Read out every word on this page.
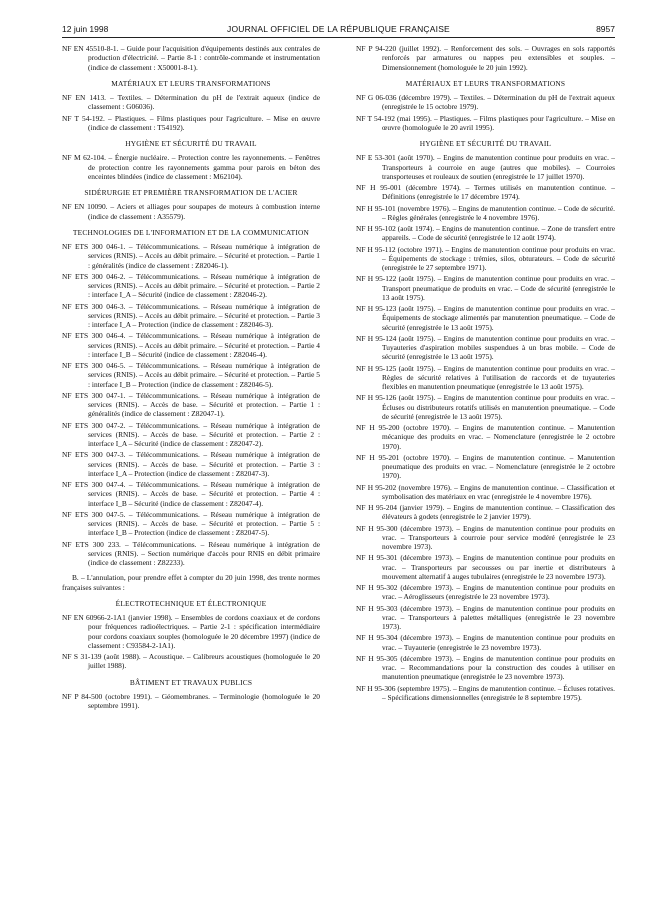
12 juin 1998	JOURNAL OFFICIEL DE LA RÉPUBLIQUE FRANÇAISE	8957
NF EN 45510-8-1. – Guide pour l'acquisition d'équipements destinés aux centrales de production d'électricité. – Partie 8-1 : contrôle-commande et instrumentation (indice de classement : X50001-8-1).
MATÉRIAUX ET LEURS TRANSFORMATIONS
NF EN 1413. – Textiles. – Détermination du pH de l'extrait aqueux (indice de classement : G06036).
NF T 54-192. – Plastiques. – Films plastiques pour l'agriculture. – Mise en œuvre (indice de classement : T54192).
HYGIÈNE ET SÉCURITÉ DU TRAVAIL
NF M 62-104. – Énergie nucléaire. – Protection contre les rayonnements. – Fenêtres de protection contre les rayonnements gamma pour parois en béton des enceintes blindées (indice de classement : M62104).
SIDÉRURGIE ET PREMIÈRE TRANSFORMATION DE L'ACIER
NF EN 10090. – Aciers et alliages pour soupapes de moteurs à combustion interne (indice de classement : A35579).
TECHNOLOGIES DE L'INFORMATION ET DE LA COMMUNICATION
NF ETS 300 046-1. – Télécommunications. – Réseau numérique à intégration de services (RNIS). – Accès au débit primaire. – Sécurité et protection. – Partie 1 : généralités (indice de classement : Z82046-1).
NF ETS 300 046-2. – Télécommunications. – Réseau numérique à intégration de services (RNIS). – Accès au débit primaire. – Sécurité et protection. – Partie 2 : interface I_A – Sécurité (indice de classement : Z82046-2).
NF ETS 300 046-3. – Télécommunications. – Réseau numérique à intégration de services (RNIS). – Accès au débit primaire. – Sécurité et protection. – Partie 3 : interface I_A – Protection (indice de classement : Z82046-3).
NF ETS 300 046-4. – Télécommunications. – Réseau numérique à intégration de services (RNIS). – Accès au débit primaire. – Sécurité et protection. – Partie 4 : interface I_B – Sécurité (indice de classement : Z82046-4).
NF ETS 300 046-5. – Télécommunications. – Réseau numérique à intégration de services (RNIS). – Accès au débit primaire. – Sécurité et protection. – Partie 5 : interface I_B – Protection (indice de classement : Z82046-5).
NF ETS 300 047-1. – Télécommunications. – Réseau numérique à intégration de services (RNIS). – Accès de base. – Sécurité et protection. – Partie 1 : généralités (indice de classement : Z82047-1).
NF ETS 300 047-2. – Télécommunications. – Réseau numérique à intégration de services (RNIS). – Accès de base. – Sécurité et protection. – Partie 2 : interface I_A – Sécurité (indice de classement : Z82047-2).
NF ETS 300 047-3. – Télécommunications. – Réseau numérique à intégration de services (RNIS). – Accès de base. – Sécurité et protection. – Partie 3 : interface I_A – Protection (indice de classement : Z82047-3).
NF ETS 300 047-4. – Télécommunications. – Réseau numérique à intégration de services (RNIS). – Accès de base. – Sécurité et protection. – Partie 4 : interface I_B – Sécurité (indice de classement : Z82047-4).
NF ETS 300 047-5. – Télécommunications. – Réseau numérique à intégration de services (RNIS). – Accès de base. – Sécurité et protection. – Partie 5 : interface I_B – Protection (indice de classement : Z82047-5).
NF ETS 300 233. – Télécommunications. – Réseau numérique à intégration de services (RNIS). – Section numérique d'accès pour RNIS en débit primaire (indice de classement : Z82233).
B. – L'annulation, pour prendre effet à compter du 20 juin 1998, des trente normes françaises suivantes :
ÉLECTROTECHNIQUE ET ÉLECTRONIQUE
NF EN 60966-2-1A1 (janvier 1998). – Ensembles de cordons coaxiaux et de cordons pour fréquences radioélectriques. – Partie 2-1 : spécification intermédiaire pour cordons coaxiaux souples (homologuée le 20 décembre 1997) (indice de classement : C93584-2-1A1).
NF S 31-139 (août 1988). – Acoustique. – Calibreurs acoustiques (homologuée le 20 juillet 1988).
BÂTIMENT ET TRAVAUX PUBLICS
NF P 84-500 (octobre 1991). – Géomembranes. – Terminologie (homologuée le 20 septembre 1991).
NF P 94-220 (juillet 1992). – Renforcement des sols. – Ouvrages en sols rapportés renforcés par armatures ou nappes peu extensibles et souples. – Dimensionnement (homologuée le 20 juin 1992).
MATÉRIAUX ET LEURS TRANSFORMATIONS
NF G 06-036 (décembre 1979). – Textiles. – Détermination du pH de l'extrait aqueux (enregistrée le 15 octobre 1979).
NF T 54-192 (mai 1995). – Plastiques. – Films plastiques pour l'agriculture. – Mise en œuvre (homologuée le 20 avril 1995).
HYGIÈNE ET SÉCURITÉ DU TRAVAIL
NF E 53-301 (août 1970). – Engins de manutention continue pour produits en vrac. – Transporteurs à courroie en auge (autres que mobiles). – Courroies transporteuses et rouleaux de soutien (enregistrée le 17 juillet 1970).
NF H 95-001 (décembre 1974). – Termes utilisés en manutention continue. – Définitions (enregistrée le 17 décembre 1974).
NF H 95-101 (novembre 1976). – Engins de manutention continue. – Code de sécurité. – Règles générales (enregistrée le 4 novembre 1976).
NF H 95-102 (août 1974). – Engins de manutention continue. – Zone de transfert entre appareils. – Code de sécurité (enregistrée le 12 août 1974).
NF H 95-112 (octobre 1971). – Engins de manutention continue pour produits en vrac. – Équipements de stockage : trémies, silos, obturateurs. – Code de sécurité (enregistrée le 27 septembre 1971).
NF H 95-122 (août 1975). – Engins de manutention continue pour produits en vrac. – Transport pneumatique de produits en vrac. – Code de sécurité (enregistrée le 13 août 1975).
NF H 95-123 (août 1975). – Engins de manutention continue pour produits en vrac. – Équipements de stockage alimentés par manutention pneumatique. – Code de sécurité (enregistrée le 13 août 1975).
NF H 95-124 (août 1975). – Engins de manutention continue pour produits en vrac. – Tuyauteries d'aspiration mobiles suspendues à un bras mobile. – Code de sécurité (enregistrée le 13 août 1975).
NF H 95-125 (août 1975). – Engins de manutention continue pour produits en vrac. – Règles de sécurité relatives à l'utilisation de raccords et de tuyauteries flexibles en manutention pneumatique (enregistrée le 13 août 1975).
NF H 95-126 (août 1975). – Engins de manutention continue pour produits en vrac. – Écluses ou distributeurs rotatifs utilisés en manutention pneumatique. – Code de sécurité (enregistrée le 13 août 1975).
NF H 95-200 (octobre 1970). – Engins de manutention continue. – Manutention mécanique des produits en vrac. – Nomenclature (enregistrée le 2 octobre 1970).
NF H 95-201 (octobre 1970). – Engins de manutention continue. – Manutention pneumatique des produits en vrac. – Nomenclature (enregistrée le 2 octobre 1970).
NF H 95-202 (novembre 1976). – Engins de manutention continue. – Classification et symbolisation des matériaux en vrac (enregistrée le 4 novembre 1976).
NF H 95-204 (janvier 1979). – Engins de manutention continue. – Classification des élévateurs à godets (enregistrée le 2 janvier 1979).
NF H 95-300 (décembre 1973). – Engins de manutention continue pour produits en vrac. – Transporteurs à courroie pour service modéré (enregistrée le 23 novembre 1973).
NF H 95-301 (décembre 1973). – Engins de manutention continue pour produits en vrac. – Transporteurs par secousses ou par inertie et distributeurs à mouvement alternatif à auges tubulaires (enregistrée le 23 novembre 1973).
NF H 95-302 (décembre 1973). – Engins de manutention continue pour produits en vrac. – Aéroglisseurs (enregistrée le 23 novembre 1973).
NF H 95-303 (décembre 1973). – Engins de manutention continue pour produits en vrac. – Transporteurs à palettes métalliques (enregistrée le 23 novembre 1973).
NF H 95-304 (décembre 1973). – Engins de manutention continue pour produits en vrac. – Tuyauterie (enregistrée le 23 novembre 1973).
NF H 95-305 (décembre 1973). – Engins de manutention continue pour produits en vrac. – Recommandations pour la construction des coudes à utiliser en manutention pneumatique (enregistrée le 23 novembre 1973).
NF H 95-306 (septembre 1975). – Engins de manutention continue. – Écluses rotatives. – Spécifications dimensionnelles (enregistrée le 8 septembre 1975).
